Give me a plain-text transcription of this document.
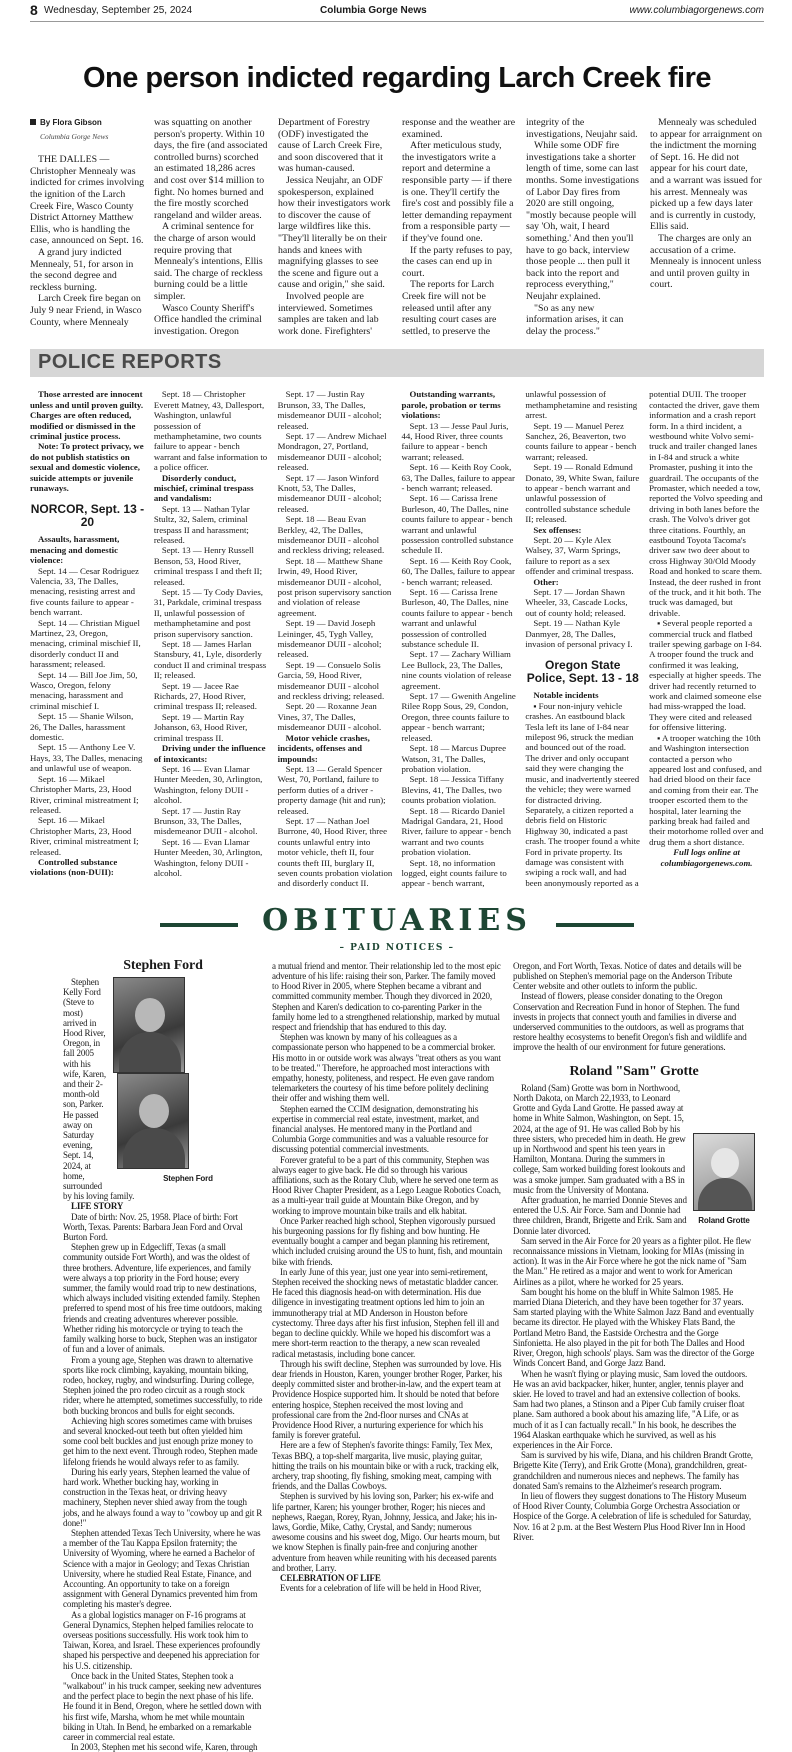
8 Wednesday, September 25, 2024	Columbia Gorge News	www.columbiagorgenews.com
One person indicted regarding Larch Creek fire
By Flora Gibson
Columbia Gorge News

THE DALLES — Christopher Mennealy was indicted for crimes involving the ignition of the Larch Creek Fire, Wasco County District Attorney Matthew Ellis, who is handling the case, announced on Sept. 16.

A grand jury indicted Mennealy, 51, for arson in the second degree and reckless burning.

Larch Creek fire began on July 9 near Friend, in Wasco County, where Mennealy was squatting on another person's property. Within 10 days, the fire (and associated controlled burns) scorched an estimated 18,286 acres and cost over $14 million to fight. No homes burned and the fire mostly scorched rangeland and wilder areas.

A criminal sentence for the charge of arson would require proving that Mennealy's intentions, Ellis said. The charge of reckless burning could be a little simpler.

Wasco County Sheriff's Office handled the criminal investigation. Oregon Department of Forestry (ODF) investigated the cause of Larch Creek Fire, and soon discovered that it was human-caused.

Jessica Neujahr, an ODF spokesperson, explained how their investigators work to discover the cause of large wildfires like this. "They'll literally be on their hands and knees with magnifying glasses to see the scene and figure out a cause and origin," she said.

Involved people are interviewed. Sometimes samples are taken and lab work done. Firefighters' response and the weather are examined.

After meticulous study, the investigators write a report and determine a responsible party — if there is one. They'll certify the fire's cost and possibly file a letter demanding repayment from a responsible party — if they've found one.

If the party refuses to pay, the cases can end up in court.

The reports for Larch Creek fire will not be released until after any resulting court cases are settled, to preserve the integrity of the investigations, Neujahr said.

While some ODF fire investigations take a shorter length of time, some can last months. Some investigations of Labor Day fires from 2020 are still ongoing, "mostly because people will say 'Oh, wait, I heard something.' And then you'll have to go back, interview those people ... then pull it back into the report and reprocess everything," Neujahr explained.

"So as any new information arises, it can delay the process."

Mennealy was scheduled to appear for arraignment on the indictment the morning of Sept. 16. He did not appear for his court date, and a warrant was issued for his arrest. Mennealy was picked up a few days later and is currently in custody, Ellis said.

The charges are only an accusation of a crime. Mennealy is innocent unless and until proven guilty in court.

POLICE REPORTS

Those arrested are innocent unless and until proven guilty. Charges are often reduced, modified or dismissed in the criminal justice process.

Note: To protect privacy, we do not publish statistics on sexual and domestic violence, suicide attempts or juvenile runaways.

NORCOR, Sept. 13 - 20

Assaults, harassment, menacing and domestic violence:

Sept. 14 — Cesar Rodriguez Valencia, 33, The Dalles, menacing, resisting arrest and five counts failure to appear - bench warrant.

Sept. 14 — Christian Miguel Martinez, 23, Oregon, menacing, criminal mischief II, disorderly conduct II and harassment; released.

Sept. 14 — Bill Joe Jim, 50, Wasco, Oregon, felony menacing, harassment and criminal mischief I.

Sept. 15 — Shanie Wilson, 26, The Dalles, harassment domestic.

Sept. 15 — Anthony Lee V. Hays, 33, The Dalles, menacing and unlawful use of weapon.

Sept. 16 — Mikael Christopher Marts, 23, Hood River, criminal mistreatment I; released.

Sept. 16 — Mikael Christopher Marts, 23, Hood River, criminal mistreatment I; released.

Controlled substance violations (non-DUII):

Sept. 18 — Christopher Everett Matney, 43, Dallesport, Washington, unlawful possession of methamphetamine, two counts failure to appear - bench warrant and false information to a police officer.

Disorderly conduct, mischief, criminal trespass and vandalism:

Sept. 13 — Nathan Tylar Stultz, 32, Salem, criminal trespass II and harassment; released.

Sept. 13 — Henry Russell Benson, 53, Hood River, criminal trespass I and theft II; released.

Sept. 15 — Ty Cody Davies, 31, Parkdale, criminal trespass II, unlawful possession of methamphetamine and post prison supervisory sanction.

Sept. 18 — James Harlan Stansbury, 41, Lyle, disorderly conduct II and criminal trespass II; released.

Sept. 19 — Jacee Rae Richards, 27, Hood River, criminal trespass II; released.

Sept. 19 — Martin Ray Johanson, 63, Hood River, criminal trespass II.

Driving under the influence of intoxicants:

Sept. 16 — Evan Llamar Hunter Meeden, 30, Arlington, Washington, felony DUII - alcohol.

Sept. 17 — Justin Ray Brunson, 33, The Dalles, misdemeanor DUII - alcohol.

Sept. 16 — Evan Llamar Hunter Meeden, 30, Arlington, Washington, felony DUII - alcohol.

Sept. 17 — Justin Ray Brunson, 33, The Dalles, misdemeanor DUII - alcohol; released.

Sept. 17 — Andrew Michael Mondragon, 27, Portland, misdemeanor DUII - alcohol; released.

Sept. 17 — Jason Winford Knott, 53, The Dalles, misdemeanor DUII - alcohol; released.

Sept. 18 — Beau Evan Berkley, 42, The Dalles, misdemeanor DUII - alcohol and reckless driving; released.

Sept. 18 — Matthew Shane Irwin, 49, Hood River, misdemeanor DUII - alcohol, post prison supervisory sanction and violation of release agreement.

Sept. 19 — David Joseph Leininger, 45, Tygh Valley, misdemeanor DUII - alcohol; released.

Sept. 19 — Consuelo Solis Garcia, 59, Hood River, misdemeanor DUII - alcohol and reckless driving; released.

Sept. 20 — Roxanne Jean Vines, 37, The Dalles, misdemeanor DUII - alcohol.

Motor vehicle crashes, incidents, offenses and impounds:

Sept. 13 — Gerald Spencer West, 70, Portland, failure to perform duties of a driver - property damage (hit and run); released.

Sept. 17 — Nathan Joel Burrone, 40, Hood River, three counts unlawful entry into motor vehicle, theft II, four counts theft III, burglary II, seven counts probation violation and disorderly conduct II.

Outstanding warrants, parole, probation or terms violations:

Sept. 13 — Jesse Paul Juris, 44, Hood River, three counts failure to appear - bench warrant; released.

Sept. 16 — Keith Roy Cook, 63, The Dalles, failure to appear - bench warrant; released.

Sept. 16 — Carissa Irene Burleson, 40, The Dalles, nine counts failure to appear - bench warrant and unlawful possession controlled substance schedule II.

Sept. 16 — Keith Roy Cook, 60, The Dalles, failure to appear - bench warrant; released.

Sept. 16 — Carissa Irene Burleson, 40, The Dalles, nine counts failure to appear - bench warrant and unlawful possession of controlled substance schedule II.

Sept. 17 — Zachary William Lee Bullock, 23, The Dalles, nine counts violation of release agreement.

Sept. 17 — Gwenith Angeline Rilee Ropp Sous, 29, Condon, Oregon, three counts failure to appear - bench warrant; released.

Sept. 18 — Marcus Dupree Watson, 31, The Dalles, probation violation.

Sept. 18 — Jessica Tiffany Blevins, 41, The Dalles, two counts probation violation.

Sept. 18 — Ricardo Daniel Madrigal Gandara, 21, Hood River, failure to appear - bench warrant and two counts probation violation.

Sept. 18, no information logged, eight counts failure to appear - bench warrant, unlawful possession of methamphetamine and resisting arrest.

Sept. 19 — Manuel Perez Sanchez, 26, Beaverton, two counts failure to appear - bench warrant; released.

Sept. 19 — Ronald Edmund Donato, 39, White Swan, failure to appear - bench warrant and unlawful possession of controlled substance schedule II; released.

Sex offenses:

Sept. 20 — Kyle Alex Walsey, 37, Warm Springs, failure to report as a sex offender and criminal trespass.

Other:

Sept. 17 — Jordan Shawn Wheeler, 33, Cascade Locks, out of county hold; released.

Sept. 19 — Nathan Kyle Danmyer, 28, The Dalles, invasion of personal privacy I.

Oregon State Police, Sept. 13 - 18

Notable incidents

▪ Four non-injury vehicle crashes. An eastbound black Tesla left its lane of I-84 near milepost 96, struck the median and bounced out of the road. The driver and only occupant said they were changing the music, and inadvertently steered the vehicle; they were warned for distracted driving. Separately, a citizen reported a debris field on Historic Highway 30, indicated a past crash. The trooper found a white Ford in private property. Its damage was consistent with swiping a rock wall, and had been anonymously reported as a potential DUII. The trooper contacted the driver, gave them information and a crash report form. In a third incident, a westbound white Volvo semi-truck and trailer changed lanes in I-84 and struck a white Promaster, pushing it into the guardrail. The occupants of the Promaster, which needed a tow, reported the Volvo speeding and driving in both lanes before the crash. The Volvo's driver got three citations. Fourthly, an eastbound Toyota Tacoma's driver saw two deer about to cross Highway 30/Old Moody Road and honked to scare them. Instead, the deer rushed in front of the truck, and it hit both. The truck was damaged, but drivable.

▪ Several people reported a commercial truck and flatbed trailer spewing garbage on I-84. A trooper found the truck and confirmed it was leaking, especially at higher speeds. The driver had recently returned to work and claimed someone else had miss-wrapped the load. They were cited and released for offensive littering.

▪ A trooper watching the 10th and Washington intersection contacted a person who appeared lost and confused, and had dried blood on their face and coming from their ear. The trooper escorted them to the hospital, later learning the parking break had failed and their motorhome rolled over and drug them a short distance.

Full logs online at columbiagorgenews.com.

OBITUARIES
– PAID NOTICES –
Stephen Ford

Stephen Ford

Stephen Kelly Ford (Steve to most) arrived in Hood River, Oregon, in fall 2005 with his wife, Karen, and their 2-month-old son, Parker. He passed away on Saturday evening, Sept. 14, 2024, at home, surrounded by his loving family.

LIFE STORY

Date of birth: Nov. 25, 1958. Place of birth: Fort Worth, Texas. Parents: Barbara Jean Ford and Orval Burton Ford.

Stephen grew up in Edgecliff, Texas (a small community outside Fort Worth), and was the oldest of three brothers. Adventure, life experiences, and family were always a top priority in the Ford house; every summer, the family would road trip to new destinations, which always included visiting extended family. Stephen preferred to spend most of his free time outdoors, making friends and creating adventures wherever possible. Whether riding his motorcycle or trying to teach the family walking horse to buck, Stephen was an instigator of fun and a lover of animals.

From a young age, Stephen was drawn to alternative sports like rock climbing, kayaking, mountain biking, rodeo, hockey, rugby, and windsurfing. During college, Stephen joined the pro rodeo circuit as a rough stock rider, where he attempted, sometimes successfully, to ride both bucking broncos and bulls for eight seconds.

Achieving high scores sometimes came with bruises and several knocked-out teeth but often yielded him some cool belt buckles and just enough prize money to get him to the next event. Through rodeo, Stephen made lifelong friends he would always refer to as family.

During his early years, Stephen learned the value of hard work. Whether bucking hay, working in construction in the Texas heat, or driving heavy machinery, Stephen never shied away from the tough jobs, and he always found a way to "cowboy up and git R done!"

Stephen attended Texas Tech University, where he was a member of the Tau Kappa Epsilon fraternity; the University of Wyoming, where he earned a Bachelor of Science with a major in Geology; and Texas Christian University, where he studied Real Estate, Finance, and Accounting. An opportunity to take on a foreign assignment with General Dynamics prevented him from completing his master's degree.

As a global logistics manager on F-16 programs at General Dynamics, Stephen helped families relocate to overseas positions successfully. His work took him to Taiwan, Korea, and Israel. These experiences profoundly shaped his perspective and deepened his appreciation for his U.S. citizenship.

Once back in the United States, Stephen took a "walkabout" in his truck camper, seeking new adventures and the perfect place to begin the next phase of his life. He found it in Bend, Oregon, where he settled down with his first wife, Marsha, whom he met while mountain biking in Utah. In Bend, he embarked on a remarkable career in commercial real estate.

In 2003, Stephen met his second wife, Karen, through

a mutual friend and mentor. Their relationship led to the most epic adventure of his life: raising their son, Parker. The family moved to Hood River in 2005, where Stephen became a vibrant and committed community member. Though they divorced in 2020, Stephen and Karen's dedication to co-parenting Parker in the family home led to a strengthened relationship, marked by mutual respect and friendship that has endured to this day.

Stephen was known by many of his colleagues as a compassionate person who happened to be a commercial broker. His motto in or outside work was always "treat others as you want to be treated." Therefore, he approached most interactions with empathy, honesty, politeness, and respect. He even gave random telemarketers the courtesy of his time before politely declining their offer and wishing them well.

Stephen earned the CCIM designation, demonstrating his expertise in commercial real estate, investment, market, and financial analyses. He mentored many in the Portland and Columbia Gorge communities and was a valuable resource for discussing potential commercial investments.

Forever grateful to be a part of this community, Stephen was always eager to give back. He did so through his various affiliations, such as the Rotary Club, where he served one term as Hood River Chapter President, as a Lego League Robotics Coach, as a multi-year trail guide at Mountain Bike Oregon, and by working to improve mountain bike trails and elk habitat.

Once Parker reached high school, Stephen vigorously pursued his burgeoning passions for fly fishing and bow hunting. He eventually bought a camper and began planning his retirement, which included cruising around the US to hunt, fish, and mountain bike with friends.

In early June of this year, just one year into semi-retirement, Stephen received the shocking news of metastatic bladder cancer. He faced this diagnosis head-on with determination. His due diligence in investigating treatment options led him to join an immunotherapy trial at MD Anderson in Houston before cystectomy. Three days after his first infusion, Stephen fell ill and began to decline quickly. While we hoped his discomfort was a mere short-term reaction to the therapy, a new scan revealed radical metastasis, including bone cancer.

Through his swift decline, Stephen was surrounded by love. His dear friends in Houston, Karen, younger brother Roger, Parker, his deeply committed sister and brother-in-law, and the expert team at Providence Hospice supported him. It should be noted that before entering hospice, Stephen received the most loving and professional care from the 2nd-floor nurses and CNAs at Providence Hood River, a nurturing experience for which his family is forever grateful.

Here are a few of Stephen's favorite things: Family, Tex Mex, Texas BBQ, a top-shelf margarita, live music, playing guitar, hitting the trails on his mountain bike or with a ruck, tracking elk, archery, trap shooting, fly fishing, smoking meat, camping with friends, and the Dallas Cowboys.

Stephen is survived by his loving son, Parker; his ex-wife and life partner, Karen; his younger brother, Roger; his nieces and nephews, Raegan, Rorey, Ryan, Johnny, Jessica, and Jake; his in-laws, Gordie, Mike, Cathy, Crystal, and Sandy; numerous awesome cousins and his sweet dog, Migo. Our hearts mourn, but we know Stephen is finally pain-free and conjuring another adventure from heaven while reuniting with his deceased parents and brother, Larry.

CELEBRATION OF LIFE

Events for a celebration of life will be held in Hood River,

Oregon, and Fort Worth, Texas. Notice of dates and details will be published on Stephen's memorial page on the Anderson Tribute Center website and other outlets to inform the public.

Instead of flowers, please consider donating to the Oregon Conservation and Recreation Fund in honor of Stephen. The fund invests in projects that connect youth and families in diverse and underserved communities to the outdoors, as well as programs that restore healthy ecosystems to benefit Oregon's fish and wildlife and improve the health of our environment for future generations.

Roland "Sam" Grotte
Roland Grotte

Roland (Sam) Grotte was born in Northwood, North Dakota, on March 22,1933, to Leonard Grotte and Gyda Land Grotte. He passed away at home in White Salmon, Washington, on Sept. 15, 2024, at the age of 91. He was called Bob by his three sisters, who preceded him in death. He grew up in Northwood and spent his teen years in Hamilton, Montana. During the summers in college, Sam worked building forest lookouts and was a smoke jumper. Sam graduated with a BS in music from the University of Montana.

After graduation, he married Donnie Steves and entered the U.S. Air Force. Sam and Donnie had three children, Brandt, Brigette and Erik. Sam and Donnie later divorced.

Sam served in the Air Force for 20 years as a fighter pilot. He flew reconnaissance missions in Vietnam, looking for MIAs (missing in action). It was in the Air Force where he got the nick name of "Sam the Man." He retired as a major and went to work for American Airlines as a pilot, where he worked for 25 years.

Sam bought his home on the bluff in White Salmon 1985. He married Diana Dieterich, and they have been together for 37 years. Sam started playing with the White Salmon Jazz Band and eventually became its director. He played with the Whiskey Flats Band, the Portland Metro Band, the Eastside Orchestra and the Gorge Sinfonietta. He also played in the pit for both The Dalles and Hood River, Oregon, high schools' plays. Sam was the director of the Gorge Winds Concert Band, and Gorge Jazz Band.

When he wasn't flying or playing music, Sam loved the outdoors. He was an avid backpacker, hiker, hunter, angler, tennis player and skier. He loved to travel and had an extensive collection of books. Sam had two planes, a Stinson and a Piper Cub family cruiser float plane. Sam authored a book about his amazing life, "A Life, or as much of it as I can factually recall." In his book, he describes the 1964 Alaskan earthquake which he survived, as well as his experiences in the Air Force.

Sam is survived by his wife, Diana, and his children Brandt Grotte, Brigette Kite (Terry), and Erik Grotte (Mona), grandchildren, great-grandchildren and numerous nieces and nephews. The family has donated Sam's remains to the Alzheimer's research program.

In lieu of flowers they suggest donations to The History Museum of Hood River County, Columbia Gorge Orchestra Association or Hospice of the Gorge. A celebration of life is scheduled for Saturday, Nov. 16 at 2 p.m. at the Best Western Plus Hood River Inn in Hood River.
